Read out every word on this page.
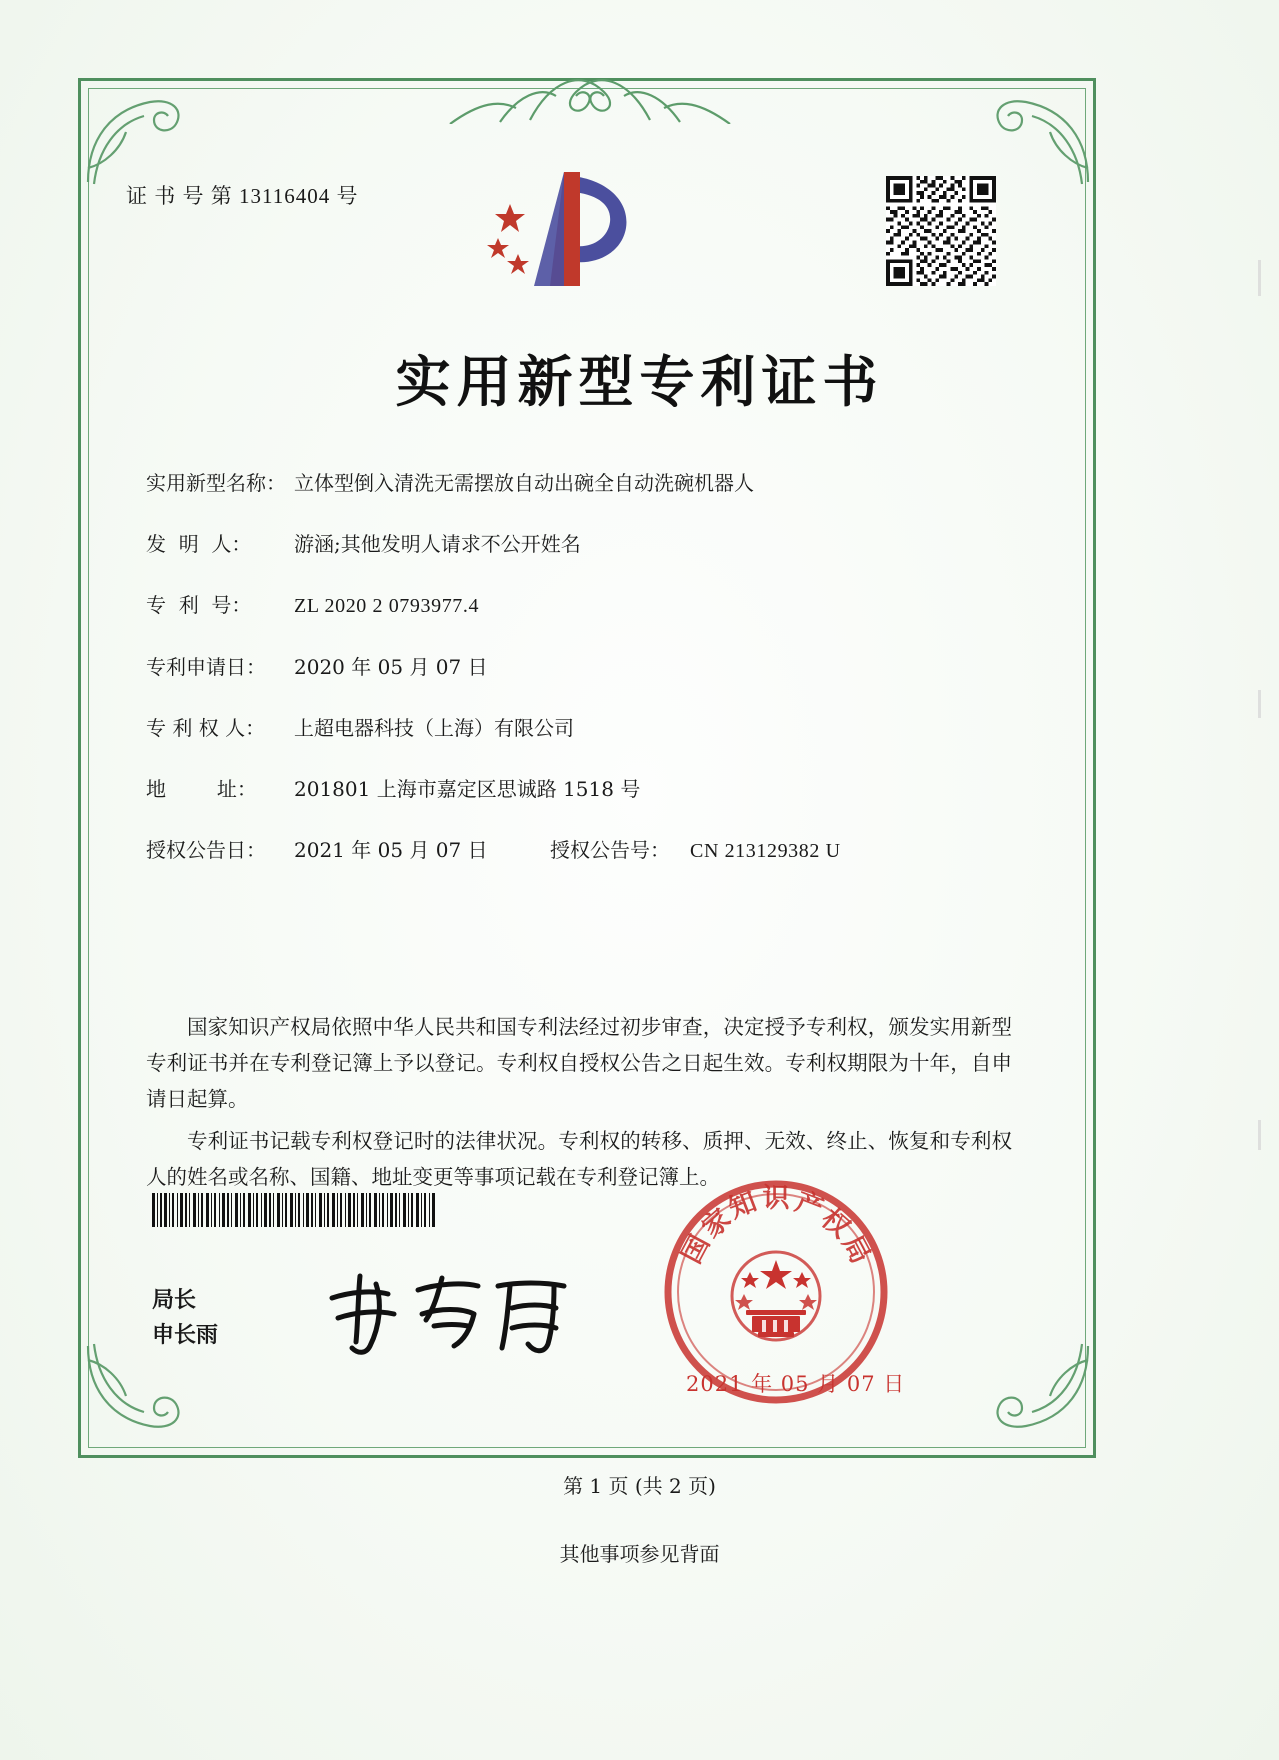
证 书 号 第 13116404 号
实用新型专利证书
实用新型名称： 立体型倒入清洗无需摆放自动出碗全自动洗碗机器人
发  明  人：	游涵;其他发明人请求不公开姓名
专  利  号：	ZL 2020 2 0793977.4
专利申请日：	2020 年 05 月 07 日
专 利 权 人：	上超电器科技（上海）有限公司
地        址：	201801 上海市嘉定区思诚路 1518 号
授权公告日：	2021 年 05 月 07 日	授权公告号：	CN 213129382 U

国家知识产权局依照中华人民共和国专利法经过初步审查，决定授予专利权，颁发实用新型专利证书并在专利登记簿上予以登记。专利权自授权公告之日起生效。专利权期限为十年，自申请日起算。

专利证书记载专利权登记时的法律状况。专利权的转移、质押、无效、终止、恢复和专利权人的姓名或名称、国籍、地址变更等事项记载在专利登记簿上。

局长
申长雨
国
家
知 识 产
权
局
2021 年 05 月 07 日
第 1 页 (共 2 页)
其他事项参见背面
